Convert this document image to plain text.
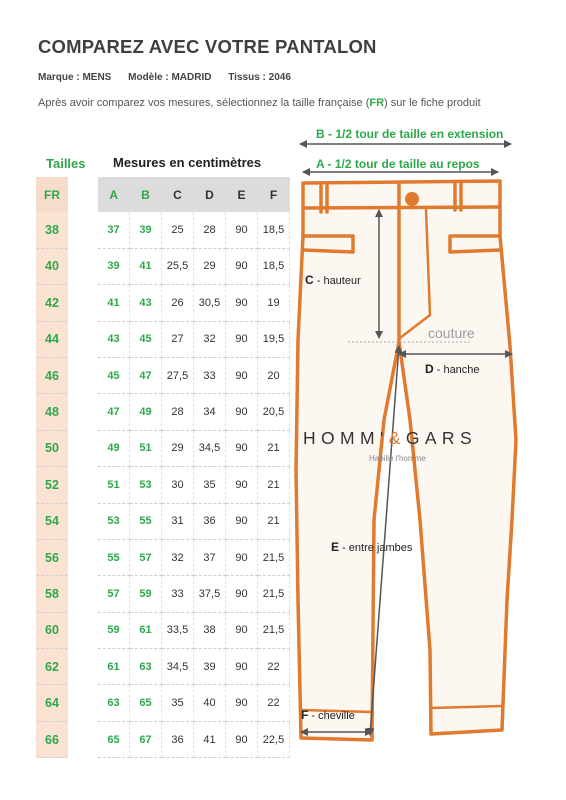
COMPAREZ AVEC VOTRE PANTALON
Marque : MENS Modèle : MADRID Tissus : 2046
Après avoir comparez vos mesures, sélectionnez la taille française (FR) sur le fiche produit
Tailles Mesures en centimètres
FR		A	B	C	D	E	F
38		37	39	25	28	90	18,5
40		39	41	25,5	29	90	18,5
42		41	43	26	30,5	90	19
44		43	45	27	32	90	19,5
46		45	47	27,5	33	90	20
48		47	49	28	34	90	20,5
50		49	51	29	34,5	90	21
52		51	53	30	35	90	21
54		53	55	31	36	90	21
56		55	57	32	37	90	21,5
58		57	59	33	37,5	90	21,5
60		59	61	33,5	38	90	21,5
62		61	63	34,5	39	90	22
64		63	65	35	40	90	22
66		65	67	36	41	90	22,5
B - 1/2 tour de taille en extension
A - 1/2 tour de taille au repos
C - hauteur
couture
D - hanche
HOMM'&GARS
Habille l'homme
E - entre jambes
F - cheville
